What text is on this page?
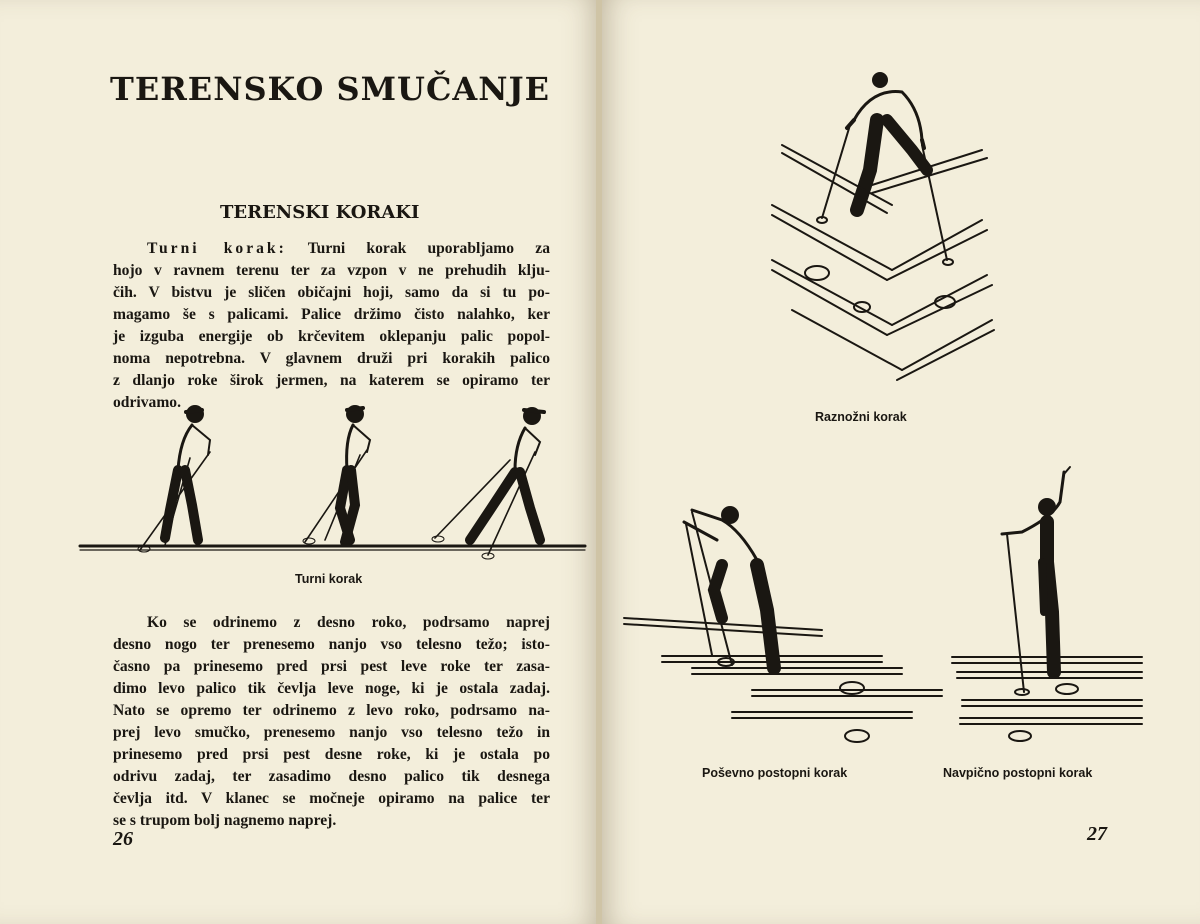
TERENSKO SMUČANJE
TERENSKI KORAKI
Turni korak: Turni korak uporabljamo za
hojo v ravnem terenu ter za vzpon v ne prehudih klju-
čih. V bistvu je sličen običajni hoji, samo da si tu po-
magamo še s palicami. Palice držimo čisto nalahko, ker
je izguba energije ob krčevitem oklepanju palic popol-
noma nepotrebna. V glavnem druži pri korakih palico
z dlanjo roke širok jermen, na katerem se opiramo ter
odrivamo.
Turni korak
Ko se odrinemo z desno roko, podrsamo naprej
desno nogo ter prenesemo nanjo vso telesno težo; isto-
časno pa prinesemo pred prsi pest leve roke ter zasa-
dimo levo palico tik čevlja leve noge, ki je ostala zadaj.
Nato se opremo ter odrinemo z levo roko, podrsamo na-
prej levo smučko, prenesemo nanjo vso telesno težo in
prinesemo pred prsi pest desne roke, ki je ostala po
odrivu zadaj, ter zasadimo desno palico tik desnega
čevlja itd. V klanec se močneje opiramo na palice ter
se s trupom bolj nagnemo naprej.
26
Raznožni korak
Poševno postopni korak	Navpično postopni korak
27
